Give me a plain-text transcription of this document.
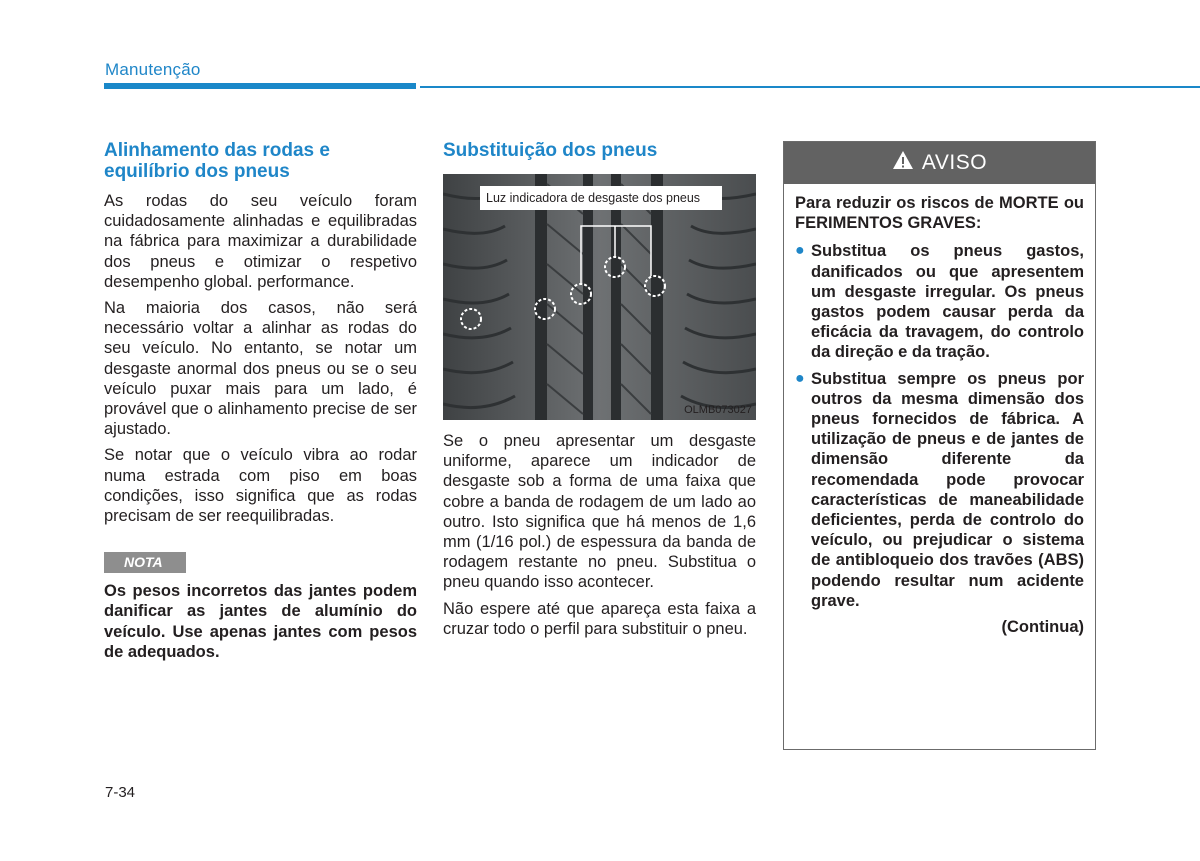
Manutenção
Alinhamento das rodas e equilíbrio dos pneus

As rodas do seu veículo foram cuidadosamente alinhadas e equilibradas na fábrica para maximizar a durabilidade dos pneus e otimizar o respetivo desempenho global. performance.

Na maioria dos casos, não será necessário voltar a alinhar as rodas do seu veículo. No entanto, se notar um desgaste anormal dos pneus ou se o seu veículo puxar mais para um lado, é provável que o alinhamento precise de ser ajustado.

Se notar que o veículo vibra ao rodar numa estrada com piso em boas condições, isso significa que as rodas precisam de ser reequilibradas.

NOTA

Os pesos incorretos das jantes podem danificar as jantes de alumínio do veículo. Use apenas jantes com pesos de adequados.

Substituição dos pneus
OLMB073027

Se o pneu apresentar um desgaste uniforme, aparece um indicador de desgaste sob a forma de uma faixa que cobre a banda de rodagem de um lado ao outro. Isto significa que há menos de 1,6 mm (1/16 pol.) de espessura da banda de rodagem restante no pneu. Substitua o pneu quando isso acontecer.

Não espere até que apareça esta faixa a cruzar todo o perfil para substituir o pneu.

Luz indicadora de desgaste dos pneus
AVISO

Para reduzir os riscos de MORTE ou FERIMENTOS GRAVES:

● Substitua os pneus gastos, danificados ou que apresentem um desgaste irregular. Os pneus gastos podem causar perda da eficácia da travagem, do controlo da direção e da tração.
● Substitua sempre os pneus por outros da mesma dimensão dos pneus fornecidos de fábrica. A utilização de pneus e de jantes de dimensão diferente da recomendada pode provocar características de maneabilidade deficientes, perda de controlo do veículo, ou prejudicar o sistema de antibloqueio dos travões (ABS) podendo resultar num acidente grave.
(Continua)
7-34
